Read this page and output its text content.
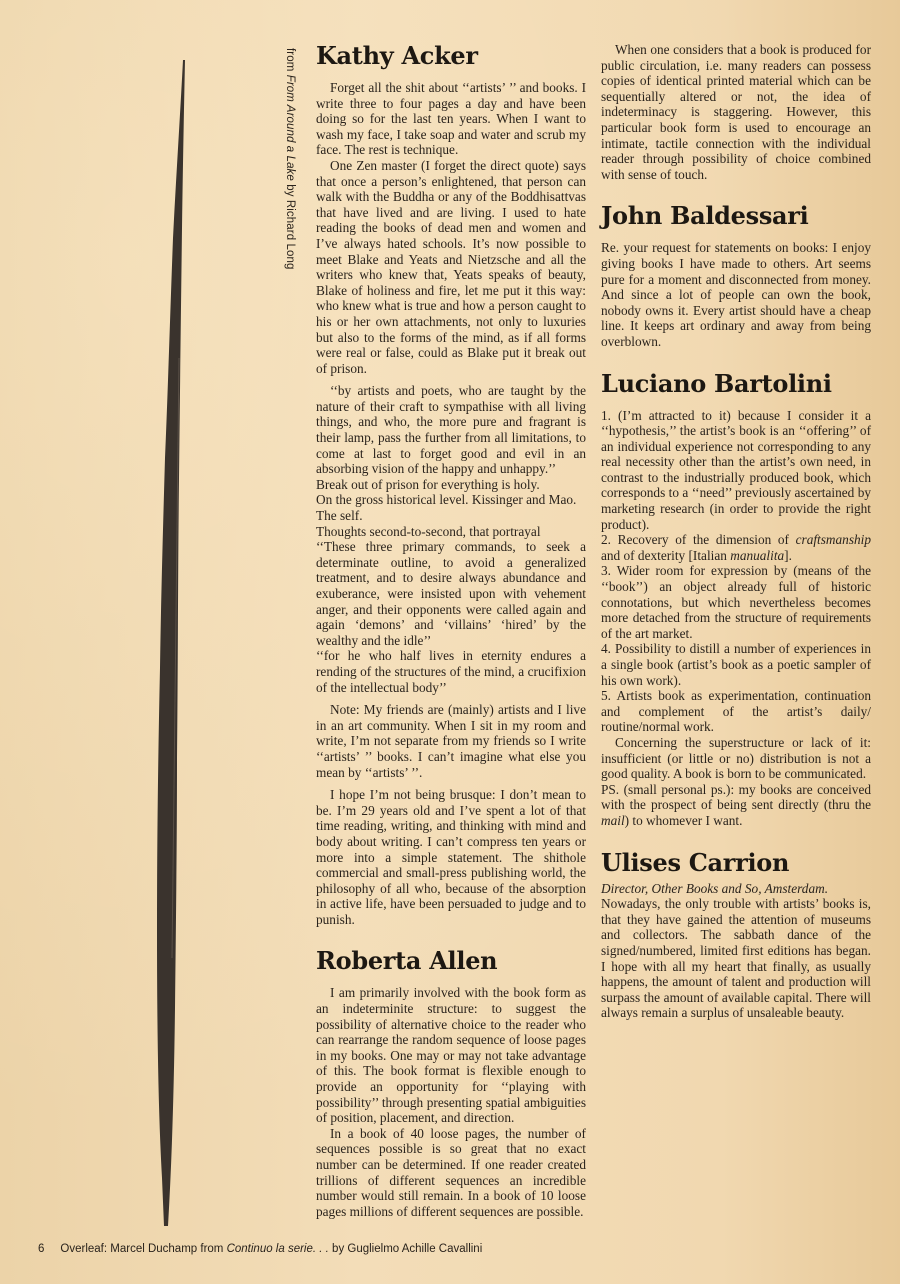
from From Around a Lake by Richard Long
Kathy Acker

Forget all the shit about ‘‘artists’ ’’ and books. I write three to four pages a day and have been doing so for the last ten years. When I want to wash my face, I take soap and water and scrub my face. The rest is technique.

One Zen master (I forget the direct quote) says that once a person’s enlightened, that person can walk with the Buddha or any of the Boddhisattvas that have lived and are living. I used to hate reading the books of dead men and women and I’ve always hated schools. It’s now possible to meet Blake and Yeats and Nietzsche and all the writers who knew that, Yeats speaks of beauty, Blake of holiness and fire, let me put it this way: who knew what is true and how a person caught to his or her own attachments, not only to luxuries but also to the forms of the mind, as if all forms were real or false, could as Blake put it break out of prison.

‘‘by artists and poets, who are taught by the nature of their craft to sympathise with all living things, and who, the more pure and fragrant is their lamp, pass the further from all limitations, to come at last to forget good and evil in an absorbing vision of the happy and unhappy.’’

Break out of prison for everything is holy.

On the gross historical level. Kissinger and Mao.

The self.

Thoughts second-to-second, that portrayal

‘‘These three primary commands, to seek a determinate outline, to avoid a generalized treatment, and to desire always abundance and exuberance, were insisted upon with vehement anger, and their opponents were called again and again ‘demons’ and ‘villains’ ‘hired’ by the wealthy and the idle’’

‘‘for he who half lives in eternity endures a rending of the structures of the mind, a crucifixion of the intellectual body’’

Note: My friends are (mainly) artists and I live in an art community. When I sit in my room and write, I’m not separate from my friends so I write ‘‘artists’ ’’ books. I can’t imagine what else you mean by ‘‘artists’ ’’.

I hope I’m not being brusque: I don’t mean to be. I’m 29 years old and I’ve spent a lot of that time reading, writing, and thinking with mind and body about writing. I can’t compress ten years or more into a simple statement. The shithole commercial and small-press publishing world, the philosophy of all who, because of the absorption in active life, have been persuaded to judge and to punish.

Roberta Allen

I am primarily involved with the book form as an indeterminite structure: to suggest the possibility of alternative choice to the reader who can rearrange the random sequence of loose pages in my books. One may or may not take advantage of this. The book format is flexible enough to provide an opportunity for ‘‘playing with possibility’’ through presenting spatial ambiguities of position, placement, and direction.

In a book of 40 loose pages, the number of sequences possible is so great that no exact number can be determined. If one reader created trillions of different sequences an incredible number would still remain. In a book of 10 loose pages millions of different sequences are possible.

When one considers that a book is produced for public circulation, i.e. many readers can possess copies of identical printed material which can be sequentially altered or not, the idea of indeterminacy is staggering. However, this particular book form is used to encourage an intimate, tactile connection with the individual reader through possibility of choice combined with sense of touch.

John Baldessari

Re. your request for statements on books: I enjoy giving books I have made to others. Art seems pure for a moment and disconnected from money. And since a lot of people can own the book, nobody owns it. Every artist should have a cheap line. It keeps art ordinary and away from being overblown.

Luciano Bartolini

1. (I’m attracted to it) because I consider it a ‘‘hypothesis,’’ the artist’s book is an ‘‘offering’’ of an individual experience not corresponding to any real necessity other than the artist’s own need, in contrast to the industrially produced book, which corresponds to a ‘‘need’’ previously ascertained by marketing research (in order to provide the right product).

2. Recovery of the dimension of craftsmanship and of dexterity [Italian manualita].

3. Wider room for expression by (means of the ‘‘book’’) an object already full of historic connotations, but which nevertheless becomes more detached from the structure of requirements of the art market.

4. Possibility to distill a number of experiences in a single book (artist’s book as a poetic sampler of his own work).

5. Artists book as experimentation, continuation and complement of the artist’s daily/ routine/normal work.

Concerning the superstructure or lack of it: insufficient (or little or no) distribution is not a good quality. A book is born to be communicated.

PS. (small personal ps.): my books are conceived with the prospect of being sent directly (thru the mail) to whomever I want.

Ulises Carrion

Director, Other Books and So, Amsterdam.

Nowadays, the only trouble with artists’ books is, that they have gained the attention of museums and collectors. The sabbath dance of the signed/numbered, limited first editions has began. I hope with all my heart that finally, as usually happens, the amount of talent and production will surpass the amount of available capital. There will always remain a surplus of unsaleable beauty.

6 Overleaf: Marcel Duchamp from Continuo la serie. . . by Guglielmo Achille Cavallini
